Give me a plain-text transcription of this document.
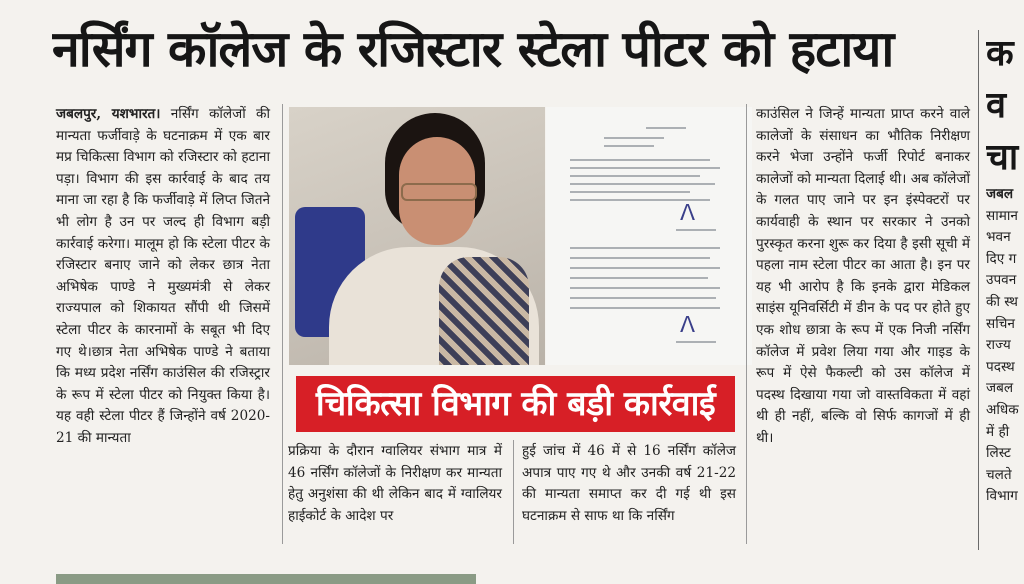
नर्सिंग कॉलेज के रजिस्टार स्टेला पीटर को हटाया

जबलपुर, यशभारत। नर्सिंग कॉलेजों की मान्यता फर्जीवाड़े के घटनाक्रम में एक बार मप्र चिकित्सा विभाग को रजिस्टार को हटाना पड़ा। विभाग की इस कार्रवाई के बाद तय माना जा रहा है कि फर्जीवाड़े में लिप्त जितने भी लोग है उन पर जल्द ही विभाग बड़ी कार्रवाई करेगा। मालूम हो कि स्टेला पीटर के रजिस्टार बनाए जाने को लेकर छात्र नेता अभिषेक पाण्डे ने मुख्यमंत्री से लेकर राज्यपाल को शिकायत सौंपी थी जिसमें स्टेला पीटर के कारनामों के सबूत भी दिए गए थे।छात्र नेता अभिषेक पाण्डे ने बताया कि मध्य प्रदेश नर्सिंग काउंसिल की रजिस्ट्रार के रूप में स्टेला पीटर को नियुक्त किया है। यह वही स्टेला पीटर हैं जिन्होंने वर्ष 2020-21 की मान्यता

ᐱ
ᐱ
चिकित्सा विभाग की बड़ी कार्रवाई

प्रक्रिया के दौरान ग्वालियर संभाग मात्र में 46 नर्सिंग कॉलेजों के निरीक्षण कर मान्यता हेतु अनुशंसा की थी लेकिन बाद में ग्वालियर हाईकोर्ट के आदेश पर

हुई जांच में 46 में से 16 नर्सिंग कॉलेज अपात्र पाए गए थे और उनकी वर्ष 21-22 की मान्यता समाप्त कर दी गई थी इस घटनाक्रम से साफ था कि नर्सिंग

काउंसिल ने जिन्हें मान्यता प्राप्त करने वाले कालेजों के संसाधन का भौतिक निरीक्षण करने भेजा उन्होंने फर्जी रिपोर्ट बनाकर कालेजों को मान्यता दिलाई थी। अब कॉलेजों के गलत पाए जाने पर इन इंस्पेक्टरों पर कार्यवाही के स्थान पर सरकार ने उनको पुरस्कृत करना शुरू कर दिया है इसी सूची में पहला नाम स्टेला पीटर का आता है। इन पर यह भी आरोप है कि इनके द्वारा मेडिकल साइंस यूनिवर्सिटी में डीन के पद पर होते हुए एक शोध छात्रा के रूप में एक निजी नर्सिंग कॉलेज में प्रवेश लिया गया और गाइड के रूप में ऐसे फैकल्टी को उस कॉलेज में पदस्थ दिखाया गया जो वास्तविकता में वहां थी ही नहीं, बल्कि वो सिर्फ कागजों में ही थी।

क
व
चा
जबल
सामान
भवन
दिए ग
उपवन
की स्थ
सचिन
राज्य
पदस्थ
जबल
अधिक
में ही
लिस्ट
चलते
विभाग
